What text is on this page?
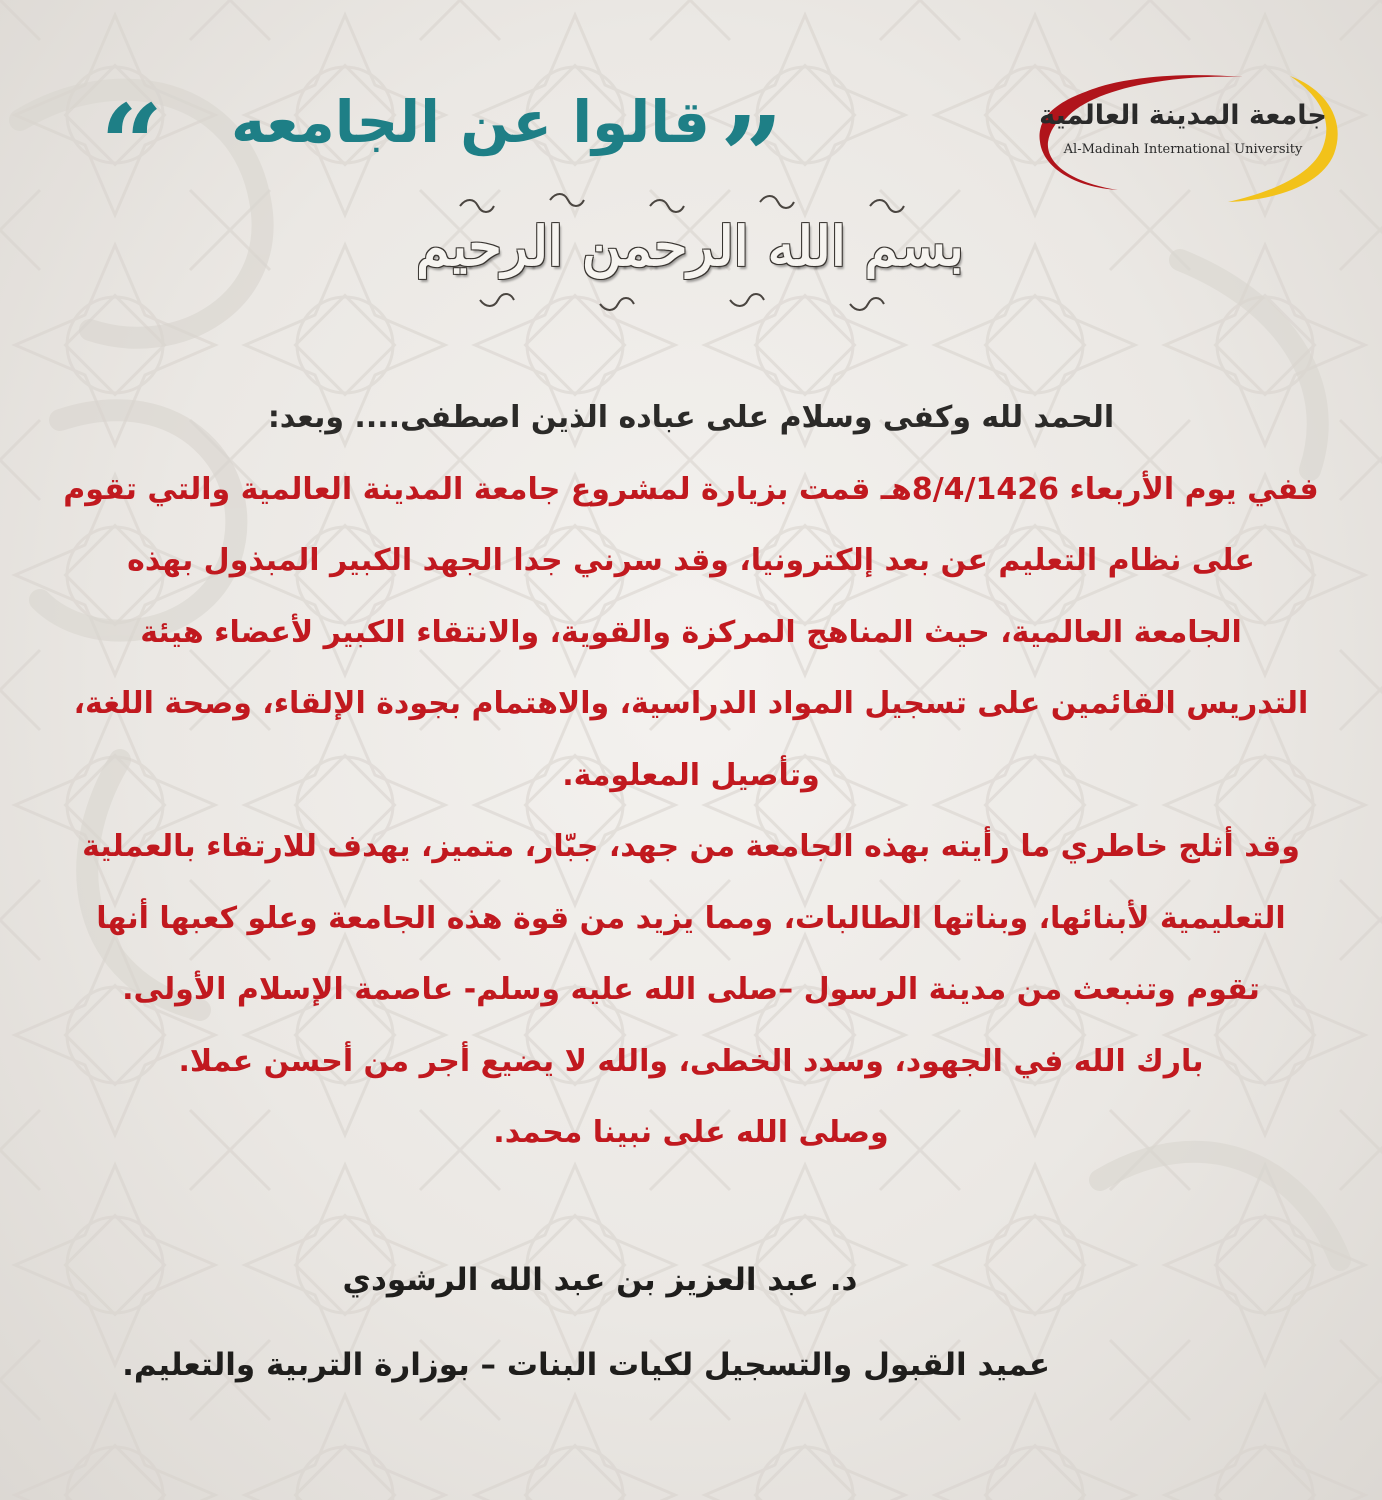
جامعة المدينة العالمية
Al-Madinah International University
”
قالوا عن الجامعه
“
بسم الله الرحمن الرحيم
الحمد لله وكفى وسلام على عباده الذين اصطفى.... وبعد:
ففي يوم الأربعاء 8/4/1426هـ قمت بزيارة لمشروع جامعة المدينة العالمية والتي تقوم
على نظام التعليم عن بعد إلكترونيا، وقد سرني جدا الجهد الكبير المبذول بهذه
الجامعة العالمية، حيث المناهج المركزة والقوية، والانتقاء الكبير لأعضاء هيئة
التدريس القائمين على تسجيل المواد الدراسية، والاهتمام بجودة الإلقاء، وصحة اللغة،
وتأصيل المعلومة.
وقد أثلج خاطري ما رأيته بهذه الجامعة من جهد، جبّار، متميز، يهدف للارتقاء بالعملية
التعليمية لأبنائها، وبناتها الطالبات، ومما يزيد من قوة هذه الجامعة وعلو كعبها أنها
تقوم وتنبعث من مدينة الرسول –صلى الله عليه وسلم- عاصمة الإسلام الأولى.
بارك الله في الجهود، وسدد الخطى، والله لا يضيع أجر من أحسن عملا.
وصلى الله على نبينا محمد.
د. عبد العزيز بن عبد الله الرشودي
عميد القبول والتسجيل لكيات البنات – بوزارة التربية والتعليم.
